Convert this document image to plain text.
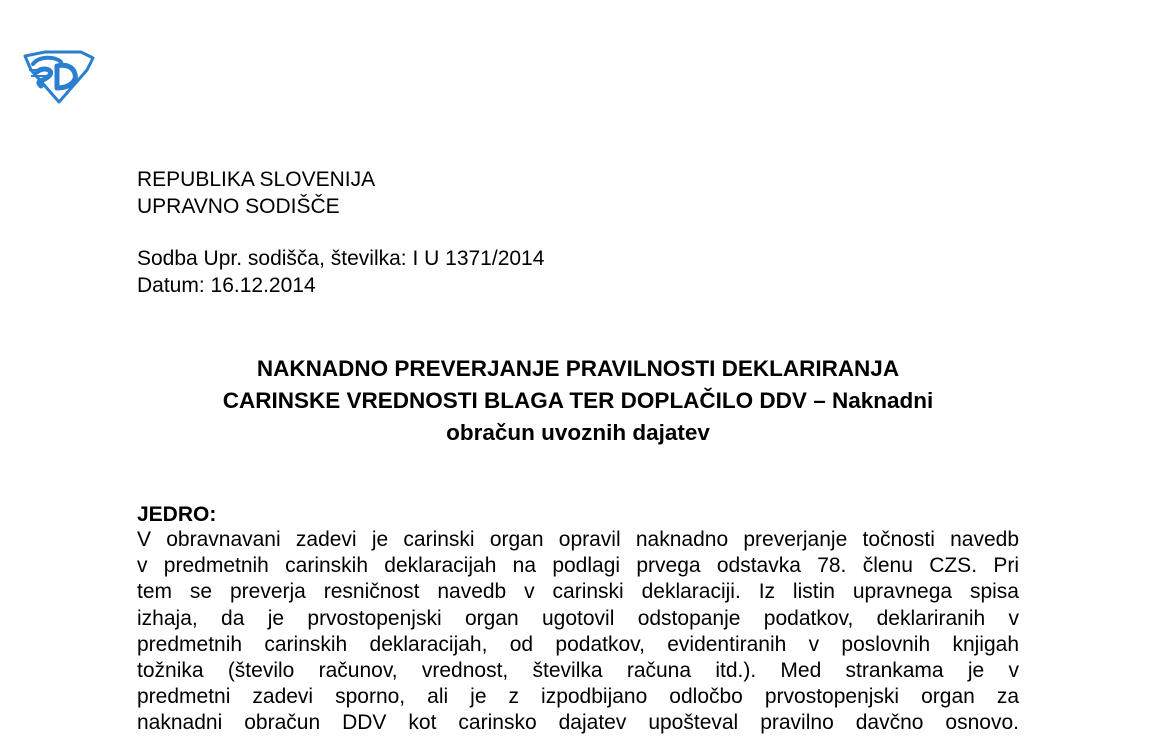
REPUBLIKA SLOVENIJA
UPRAVNO SODIŠČE
Sodba Upr. sodišča, številka: I U 1371/2014
Datum: 16.12.2014
NAKNADNO PREVERJANJE PRAVILNOSTI DEKLARIRANJA
CARINSKE VREDNOSTI BLAGA TER DOPLAČILO DDV – Naknadni
obračun uvoznih dajatev
JEDRO:
V obravnavani zadevi je carinski organ opravil naknadno preverjanje točnosti navedb
v predmetnih carinskih deklaracijah na podlagi prvega odstavka 78. členu CZS. Pri
tem se preverja resničnost navedb v carinski deklaraciji. Iz listin upravnega spisa
izhaja, da je prvostopenjski organ ugotovil odstopanje podatkov, deklariranih v
predmetnih carinskih deklaracijah, od podatkov, evidentiranih v poslovnih knjigah
tožnika (število računov, vrednost, številka računa itd.). Med strankama je v
predmetni zadevi sporno, ali je z izpodbijano odločbo prvostopenjski organ za
naknadni obračun DDV kot carinsko dajatev upošteval pravilno davčno osnovo.
